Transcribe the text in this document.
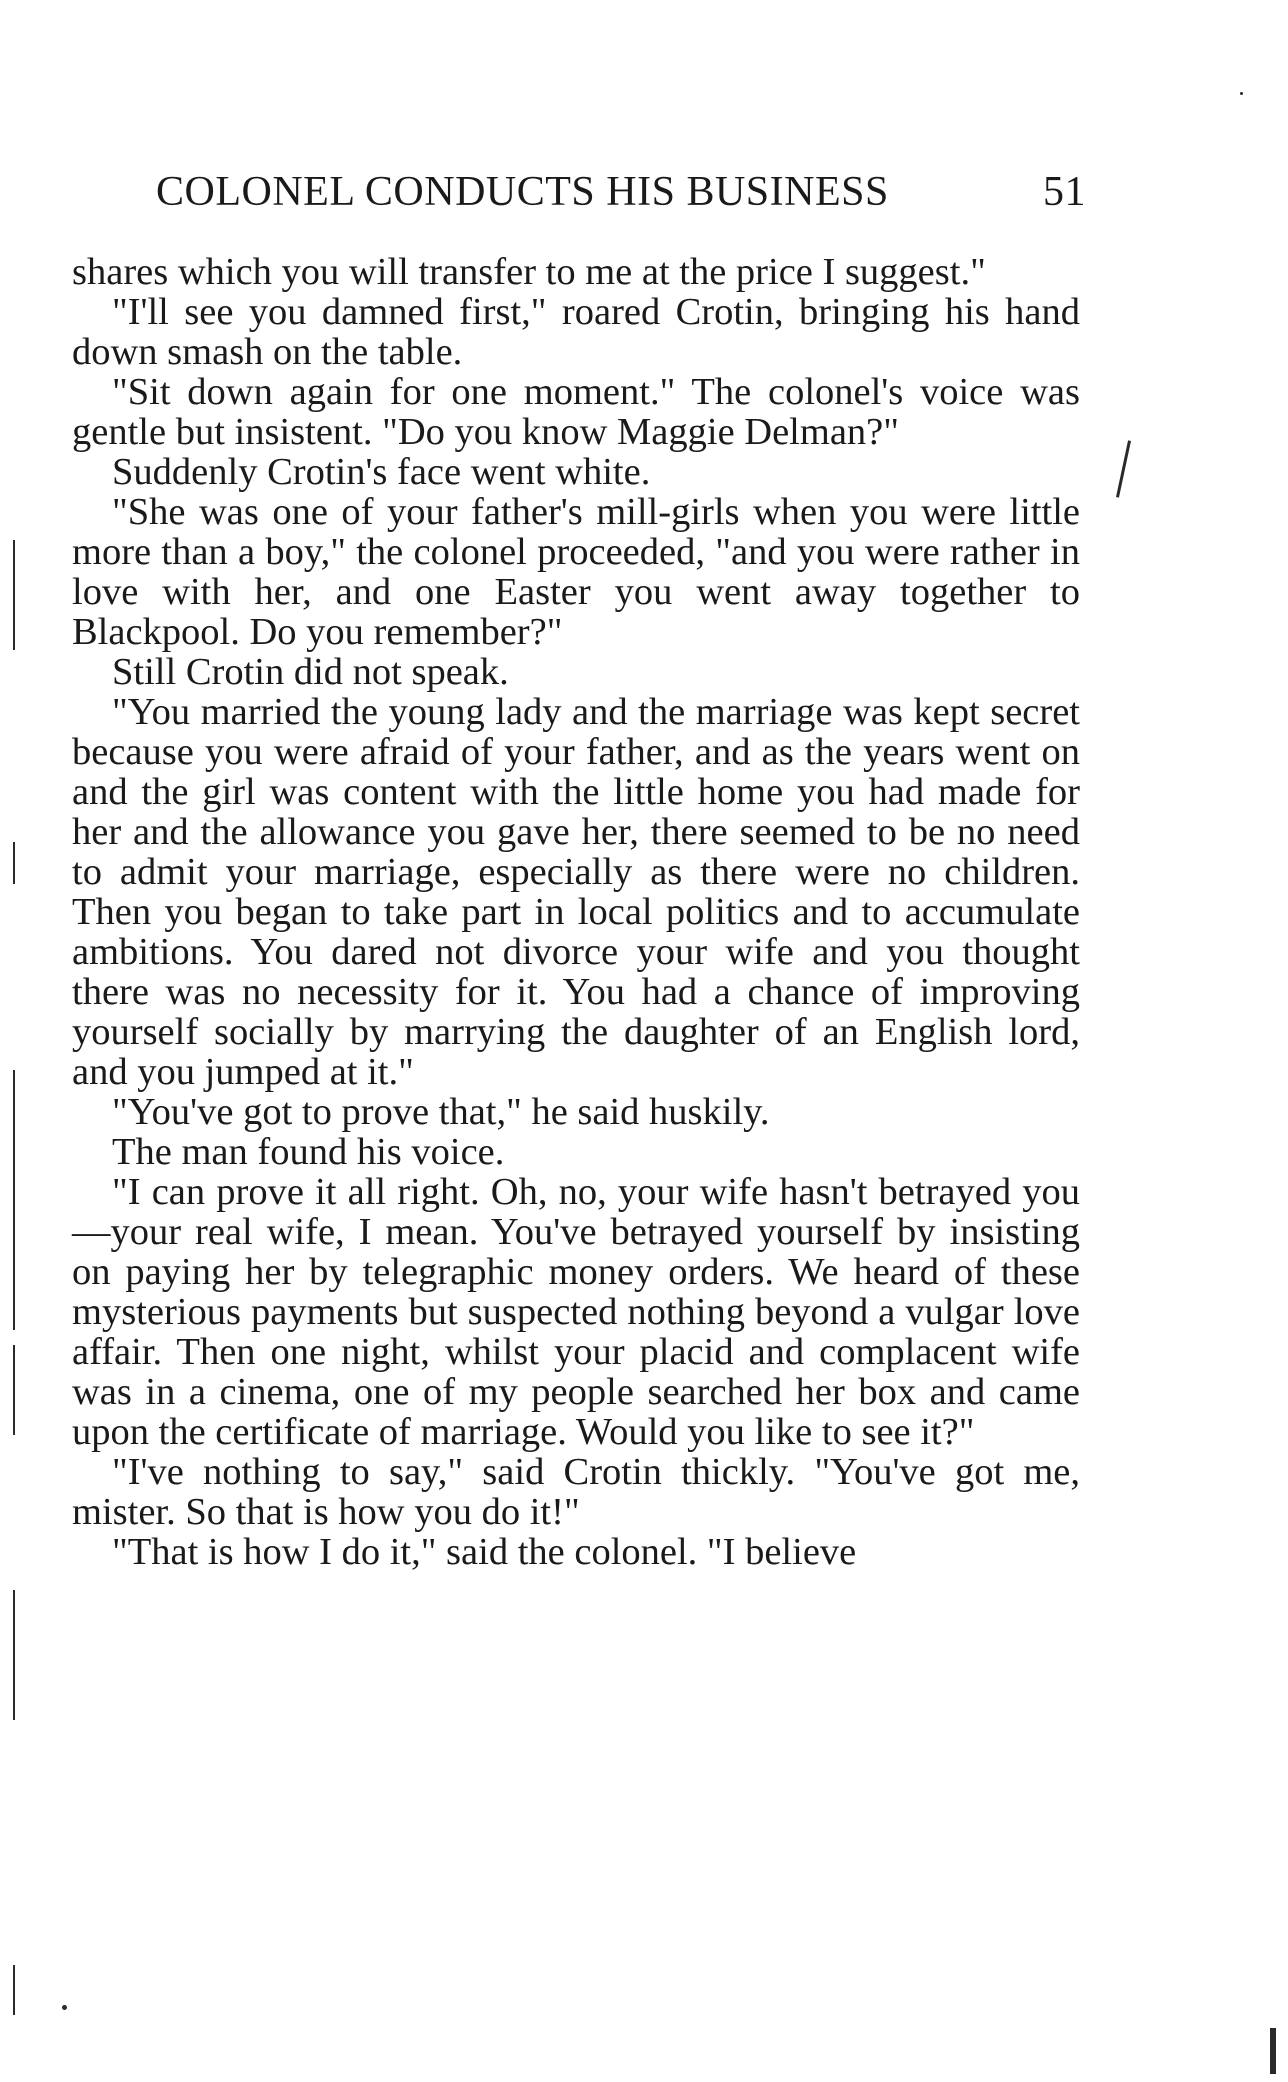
COLONEL CONDUCTS HIS BUSINESS	51

shares which you will transfer to me at the price I suggest."

"I'll see you damned first," roared Crotin, bringing his hand down smash on the table.

"Sit down again for one moment." The colonel's voice was gentle but insistent. "Do you know Maggie Delman?"

Suddenly Crotin's face went white.

"She was one of your father's mill-girls when you were little more than a boy," the colonel proceeded, "and you were rather in love with her, and one Easter you went away together to Blackpool. Do you remember?"

Still Crotin did not speak.

"You married the young lady and the marriage was kept secret because you were afraid of your father, and as the years went on and the girl was content with the little home you had made for her and the allowance you gave her, there seemed to be no need to admit your marriage, especially as there were no children. Then you began to take part in local politics and to accumulate ambitions. You dared not divorce your wife and you thought there was no necessity for it. You had a chance of improving yourself socially by marrying the daughter of an English lord, and you jumped at it."

"You've got to prove that," he said huskily.

The man found his voice.

"I can prove it all right. Oh, no, your wife hasn't betrayed you—your real wife, I mean. You've betrayed yourself by insisting on paying her by telegraphic money orders. We heard of these mysterious payments but suspected nothing beyond a vulgar love affair. Then one night, whilst your placid and complacent wife was in a cinema, one of my people searched her box and came upon the certificate of marriage. Would you like to see it?"

"I've nothing to say," said Crotin thickly. "You've got me, mister. So that is how you do it!"

"That is how I do it," said the colonel. "I believe
